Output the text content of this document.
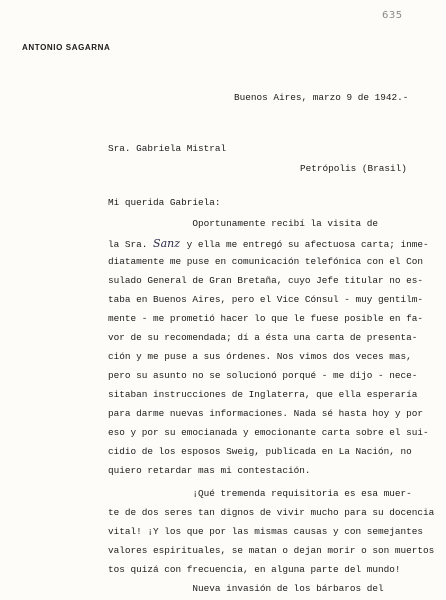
635
ANTONIO SAGARNA
Buenos Aires, marzo 9 de 1942.-
Sra. Gabriela Mistral
Petrópolis (Brasil)
Mi querida Gabriela:
Oportunamente recibí la visita de
la Sra. Sanz y ella me entregó su afectuosa carta; inme-
diatamente me puse en comunicación telefónica con el Con
sulado General de Gran Bretaña, cuyo Jefe titular no es-
taba en Buenos Aires, pero el Vice Cónsul - muy gentilm-
mente - me prometió hacer lo que le fuese posible en fa-
vor de su recomendada; dí a ésta una carta de presenta-
ción y me puse a sus órdenes. Nos vimos dos veces mas,
pero su asunto no se solucionó porqué - me dijo - nece-
sitaban instrucciones de Inglaterra, que ella esperaría
para darme nuevas informaciones. Nada sé hasta hoy y por
eso y por su emocianada y emocionante carta sobre el sui-
cidio de los esposos Sweig, publicada en La Nación, no
quiero retardar mas mi contestación.
¡Qué tremenda requisitoria es esa muer-
te de dos seres tan dignos de vivir mucho para su docencia
vital! ¡Y los que por las mismas causas y con semejantes
valores espirituales, se matan o dejan morir o son muertos
tos quizá con frecuencia, en alguna parte del mundo!
Nueva invasión de los bárbaros del
